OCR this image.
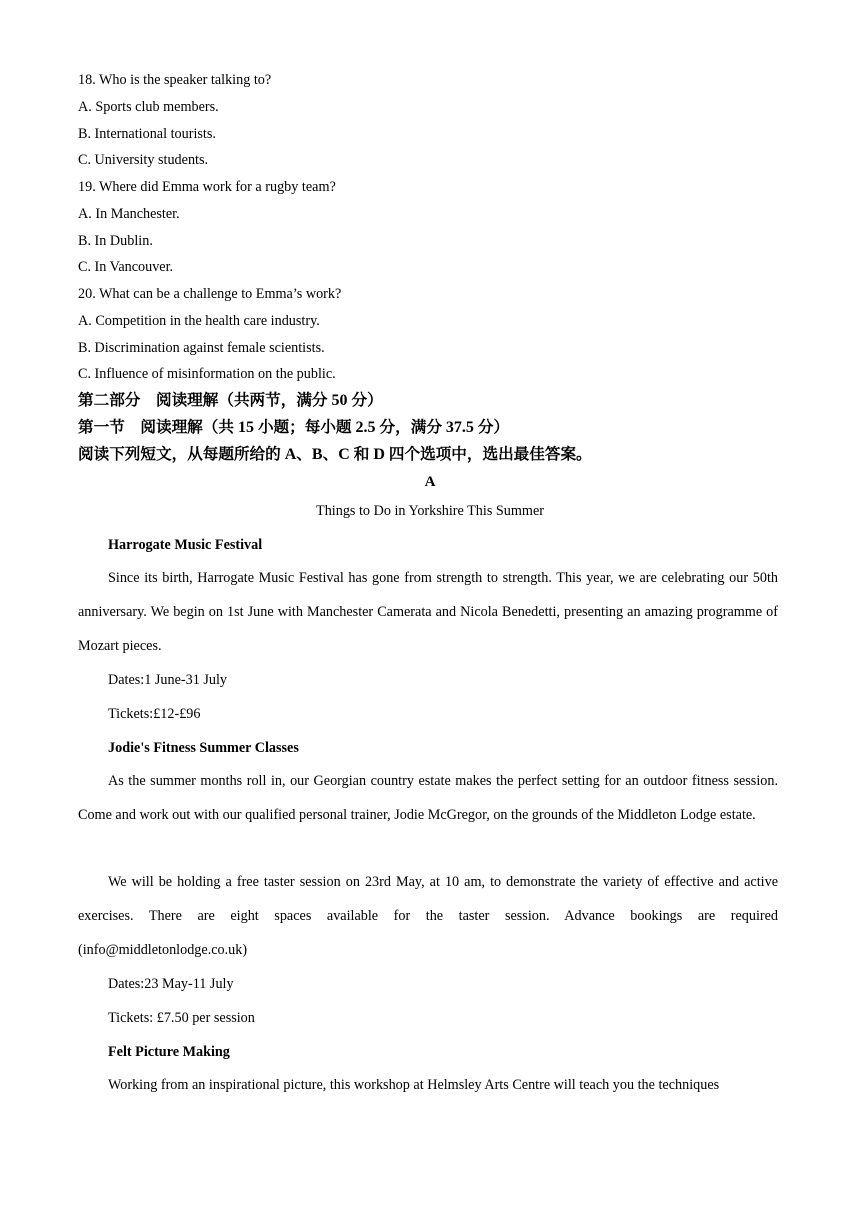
18. Who is the speaker talking to?
A. Sports club members.
B. International tourists.
C. University students.
19. Where did Emma work for a rugby team?
A. In Manchester.
B. In Dublin.
C. In Vancouver.
20. What can be a challenge to Emma’s work?
A. Competition in the health care industry.
B. Discrimination against female scientists.
C. Influence of misinformation on the public.
第二部分　阅读理解（共两节，满分 50 分）
第一节　阅读理解（共 15 小题；每小题 2.5 分，满分 37.5 分）
阅读下列短文，从每题所给的 A、B、C 和 D 四个选项中，选出最佳答案。
A
Things to Do in Yorkshire This Summer
Harrogate Music Festival
Since its birth, Harrogate Music Festival has gone from strength to strength. This year, we are celebrating our 50th anniversary. We begin on 1st June with Manchester Camerata and Nicola Benedetti, presenting an amazing programme of Mozart pieces.
Dates:1 June-31 July
Tickets:£12-£96
Jodie's Fitness Summer Classes
As the summer months roll in, our Georgian country estate makes the perfect setting for an outdoor fitness session. Come and work out with our qualified personal trainer, Jodie McGregor, on the grounds of the Middleton Lodge estate.
We will be holding a free taster session on 23rd May, at 10 am, to demonstrate the variety of effective and active exercises. There are eight spaces available for the taster session. Advance bookings are required (info@middletonlodge.co.uk)
Dates:23 May-11 July
Tickets: £7.50 per session
Felt Picture Making
Working from an inspirational picture, this workshop at Helmsley Arts Centre will teach you the techniques
